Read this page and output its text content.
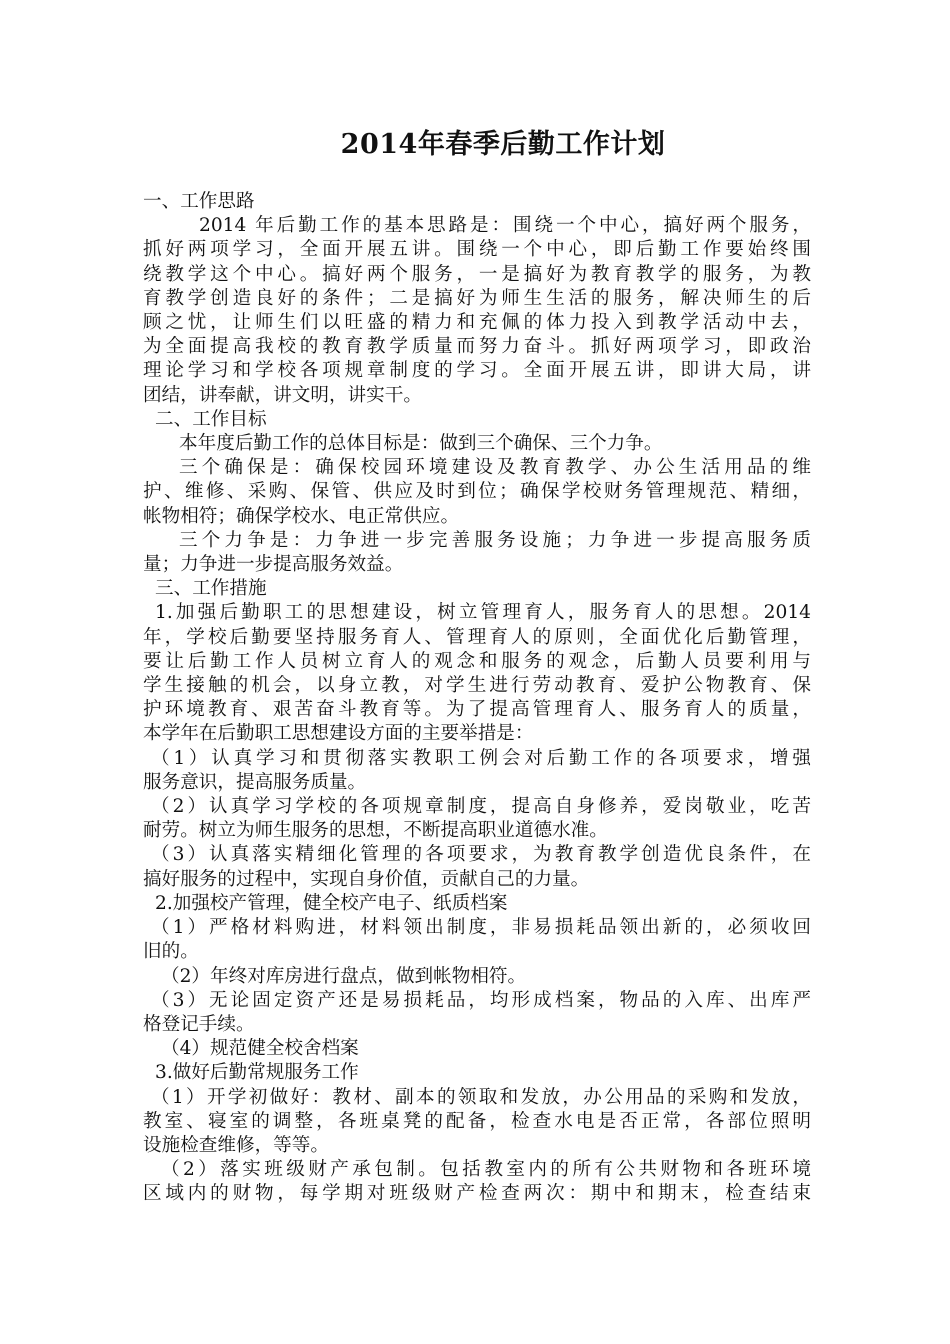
2014年春季后勤工作计划

一、工作思路

2014 年后勤工作的基本思路是：围绕一个中心，搞好两个服务，

抓好两项学习，全面开展五讲。围绕一个中心，即后勤工作要始终围

绕教学这个中心。搞好两个服务，一是搞好为教育教学的服务，为教

育教学创造良好的条件；二是搞好为师生生活的服务，解决师生的后

顾之忧，让师生们以旺盛的精力和充佩的体力投入到教学活动中去，

为全面提高我校的教育教学质量而努力奋斗。抓好两项学习，即政治

理论学习和学校各项规章制度的学习。全面开展五讲，即讲大局，讲

团结，讲奉献，讲文明，讲实干。

二、工作目标

本年度后勤工作的总体目标是：做到三个确保、三个力争。

三个确保是：确保校园环境建设及教育教学、办公生活用品的维

护、维修、采购、保管、供应及时到位；确保学校财务管理规范、精细，

帐物相符；确保学校水、电正常供应。

三个力争是：力争进一步完善服务设施；力争进一步提高服务质

量；力争进一步提高服务效益。

三、工作措施

1.加强后勤职工的思想建设，树立管理育人，服务育人的思想。2014

年，学校后勤要坚持服务育人、管理育人的原则，全面优化后勤管理，

要让后勤工作人员树立育人的观念和服务的观念，后勤人员要利用与

学生接触的机会，以身立教，对学生进行劳动教育、爱护公物教育、保

护环境教育、艰苦奋斗教育等。为了提高管理育人、服务育人的质量，

本学年在后勤职工思想建设方面的主要举措是：

（1）认真学习和贯彻落实教职工例会对后勤工作的各项要求，增强

服务意识，提高服务质量。

（2）认真学习学校的各项规章制度，提高自身修养，爱岗敬业，吃苦

耐劳。树立为师生服务的思想，不断提高职业道德水准。

（3）认真落实精细化管理的各项要求，为教育教学创造优良条件，在

搞好服务的过程中，实现自身价值，贡献自己的力量。

2.加强校产管理，健全校产电子、纸质档案

（1）严格材料购进，材料领出制度，非易损耗品领出新的，必须收回

旧的。

（2）年终对库房进行盘点，做到帐物相符。

（3）无论固定资产还是易损耗品，均形成档案，物品的入库、出库严

格登记手续。

（4）规范健全校舍档案

3.做好后勤常规服务工作

（1）开学初做好：教材、副本的领取和发放，办公用品的采购和发放，

教室、寝室的调整，各班桌凳的配备，检查水电是否正常，各部位照明

设施检查维修，等等。

（2）落实班级财产承包制。包括教室内的所有公共财物和各班环境

区域内的财物，每学期对班级财产检查两次：期中和期末，检查结束
